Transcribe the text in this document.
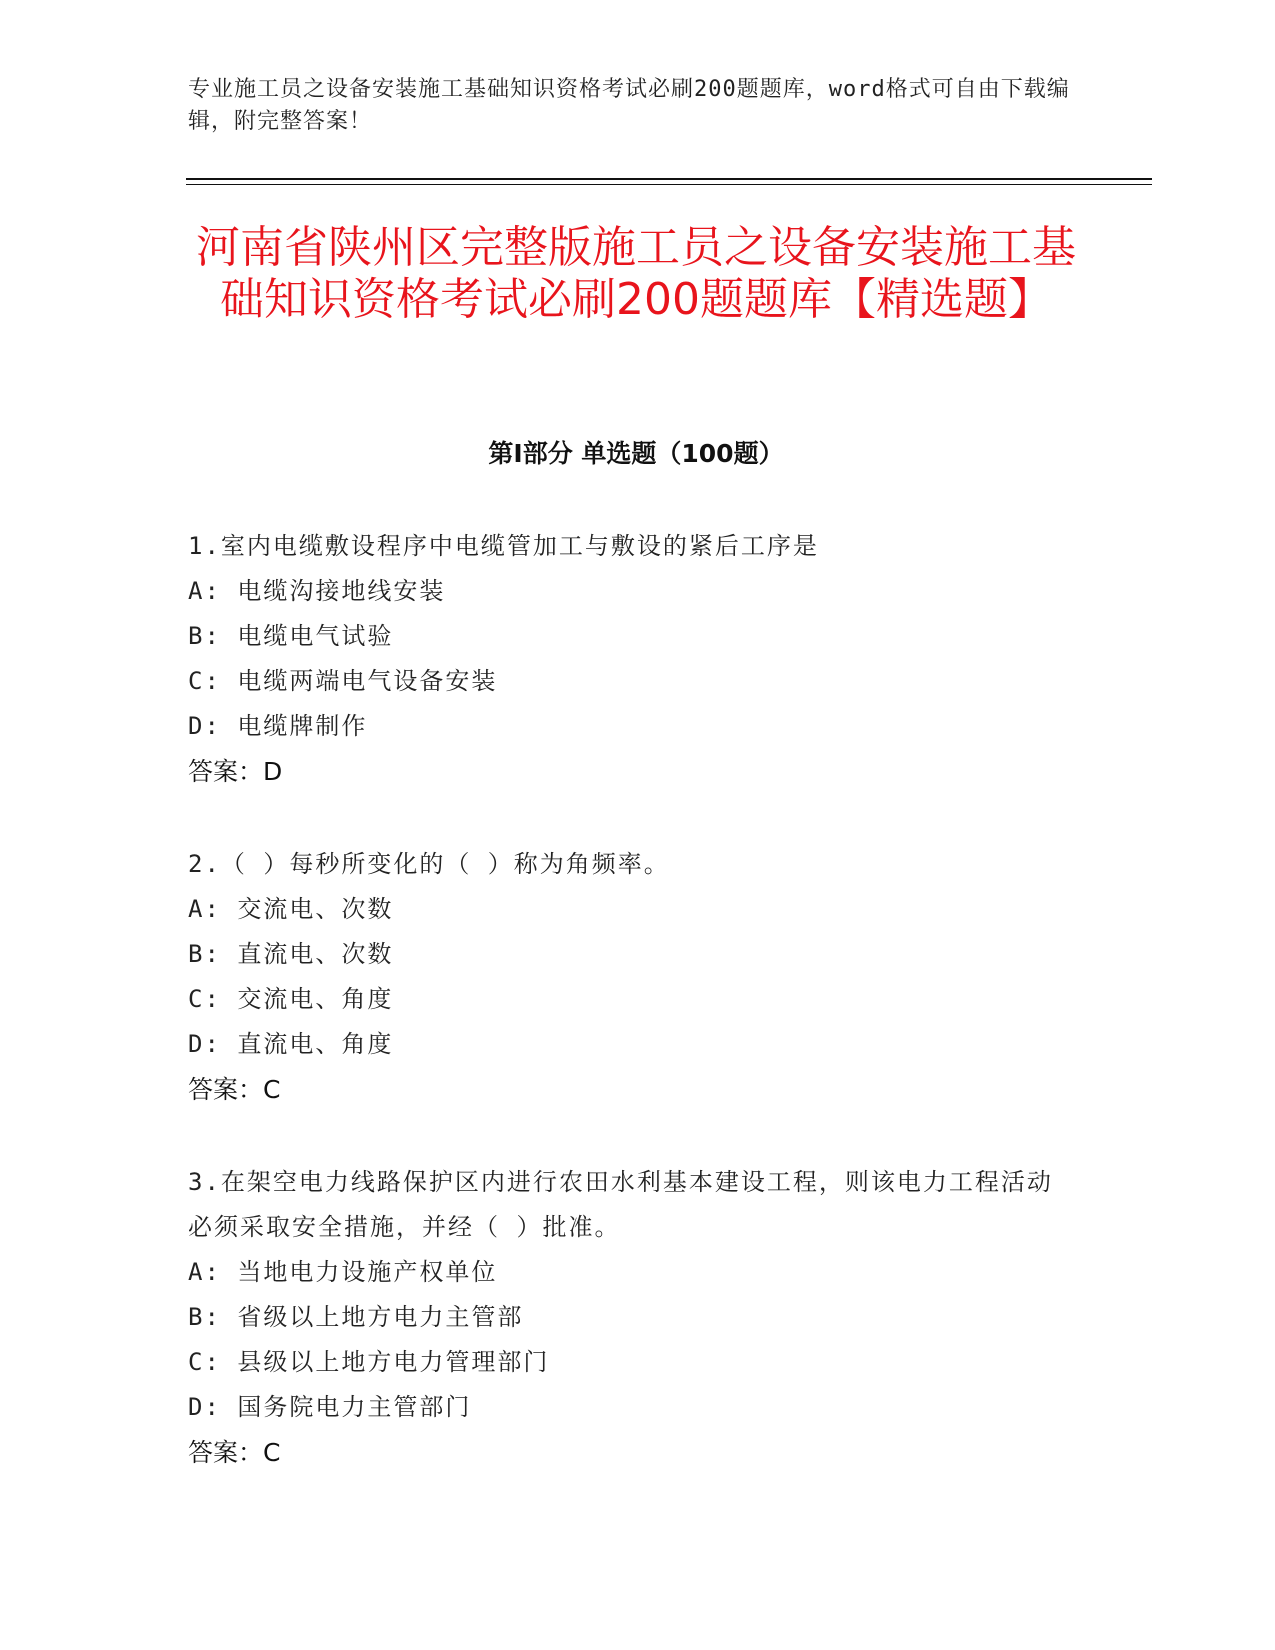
专业施工员之设备安装施工基础知识资格考试必刷200题题库，word格式可自由下载编辑，附完整答案！
河南省陕州区完整版施工员之设备安装施工基础知识资格考试必刷200题题库【精选题】
第Ⅰ部分 单选题（100题）

1.室内电缆敷设程序中电缆管加工与敷设的紧后工序是

A: 电缆沟接地线安装

B: 电缆电气试验

C: 电缆两端电气设备安装

D: 电缆牌制作

答案：D

2.（ ）每秒所变化的（ ）称为角频率。

A: 交流电、次数

B: 直流电、次数

C: 交流电、角度

D: 直流电、角度

答案：C

3.在架空电力线路保护区内进行农田水利基本建设工程，则该电力工程活动必须采取安全措施，并经（ ）批准。

A: 当地电力设施产权单位

B: 省级以上地方电力主管部

C: 县级以上地方电力管理部门

D: 国务院电力主管部门

答案：C
